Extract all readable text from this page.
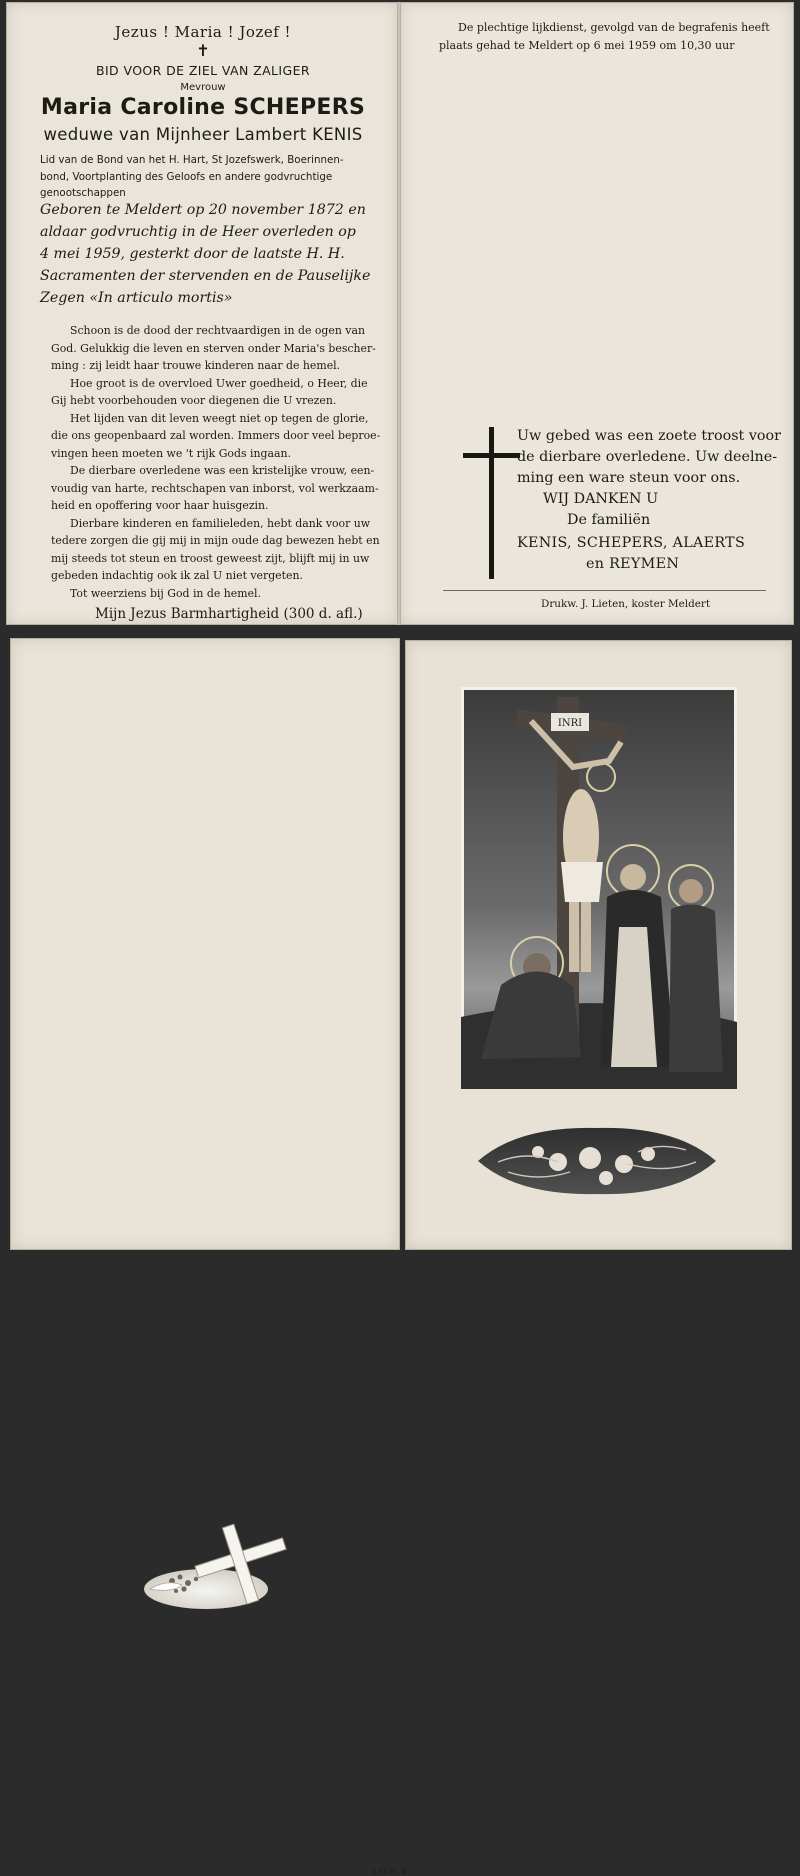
Jezus ! Maria ! Jozef !
✝
BID VOOR DE ZIEL VAN ZALIGER
Mevrouw
Maria Caroline SCHEPERS
weduwe van Mijnheer Lambert KENIS
Lid van de Bond van het H. Hart, St Jozefswerk, Boerinnen-
bond, Voortplanting des Geloofs en andere godvruchtige
genootschappen
Geboren te Meldert op 20 november 1872 en
aldaar godvruchtig in de Heer overleden op
4 mei 1959, gesterkt door de laatste H. H.
Sacramenten der stervenden en de Pauselijke
Zegen «In articulo mortis»
Schoon is de dood der rechtvaardigen in de ogen van
God. Gelukkig die leven en sterven onder Maria's bescher-
ming : zij leidt haar trouwe kinderen naar de hemel.
Hoe groot is de overvloed Uwer goedheid, o Heer, die
Gij hebt voorbehouden voor diegenen die U vrezen.
Het lijden van dit leven weegt niet op tegen de glorie,
die ons geopenbaard zal worden. Immers door veel beproe-
vingen heen moeten we 't rijk Gods ingaan.
De dierbare overledene was een kristelijke vrouw, een-
voudig van harte, rechtschapen van inborst, vol werkzaam-
heid en opoffering voor haar huisgezin.
Dierbare kinderen en familieleden, hebt dank voor uw
tedere zorgen die gij mij in mijn oude dag bewezen hebt en
mij steeds tot steun en troost geweest zijt, blijft mij in uw
gebeden indachtig ook ik zal U niet vergeten.
Tot weerziens bij God in de hemel.
Mijn Jezus Barmhartigheid (300 d. afl.)
De plechtige lijkdienst, gevolgd van de begrafenis heeft
plaats gehad te Meldert op 6 mei 1959 om 10,30 uur
Uw gebed was een zoete troost voor
de dierbare overledene. Uw deelne-
ming een ware steun voor ons.
WIJ DANKEN U
De familiën
KENIS, SCHEPERS, ALAERTS
en REYMEN
Drukw. J. Lieten, koster Meldert
I.O.B. 6
INRI
